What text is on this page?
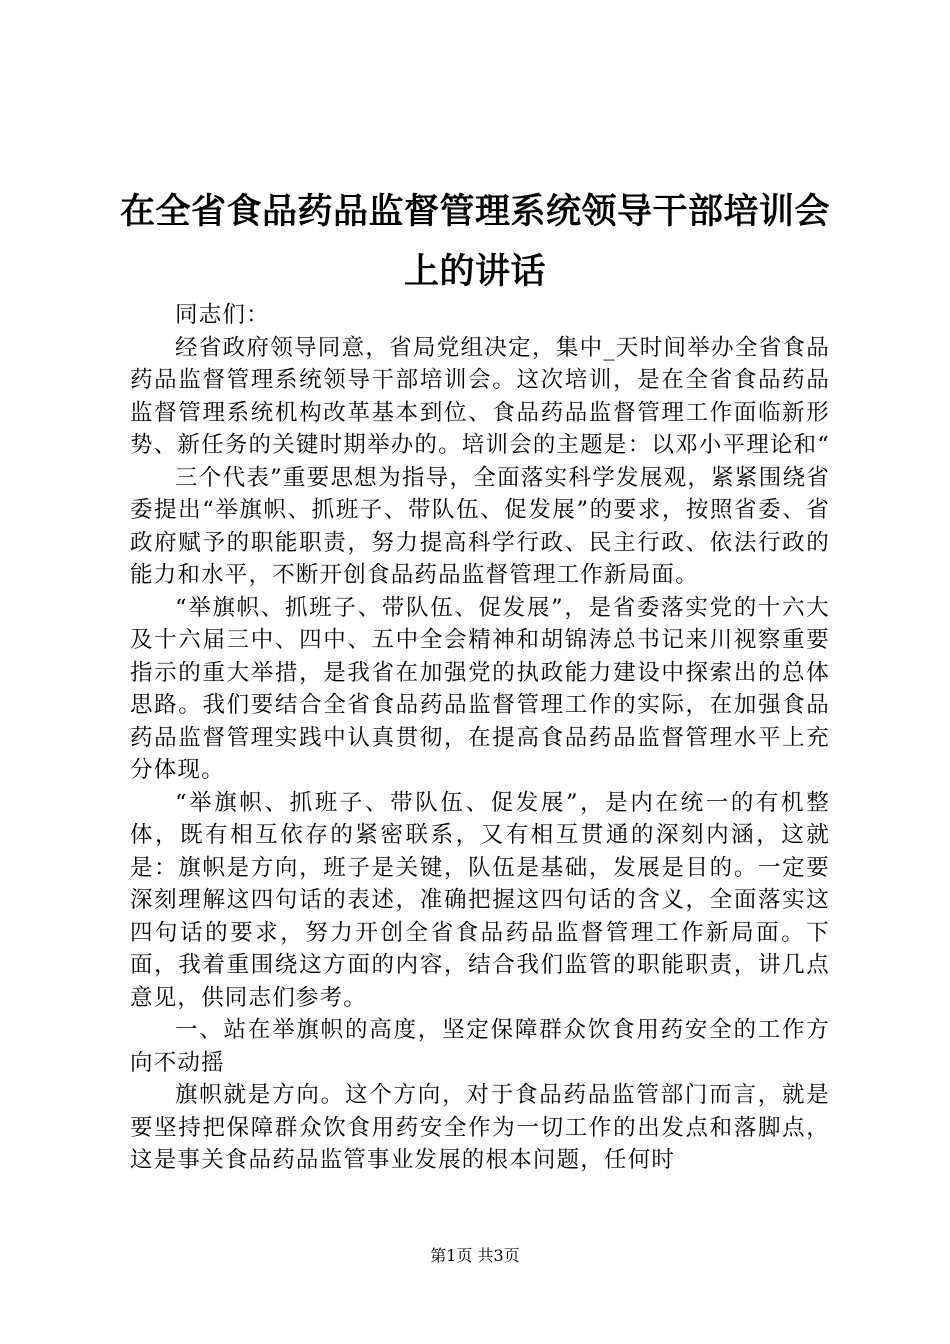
在全省食品药品监督管理系统领导干部培训会上的讲话

同志们：

经省政府领导同意，省局党组决定，集中_天时间举办全省食品药品监督管理系统领导干部培训会。这次培训，是在全省食品药品监督管理系统机构改革基本到位、食品药品监督管理工作面临新形势、新任务的关键时期举办的。培训会的主题是：以邓小平理论和“

三个代表”重要思想为指导，全面落实科学发展观，紧紧围绕省委提出“举旗帜、抓班子、带队伍、促发展”的要求，按照省委、省政府赋予的职能职责，努力提高科学行政、民主行政、依法行政的能力和水平，不断开创食品药品监督管理工作新局面。

“举旗帜、抓班子、带队伍、促发展”，是省委落实党的十六大及十六届三中、四中、五中全会精神和胡锦涛总书记来川视察重要指示的重大举措，是我省在加强党的执政能力建设中探索出的总体思路。我们要结合全省食品药品监督管理工作的实际，在加强食品药品监督管理实践中认真贯彻，在提高食品药品监督管理水平上充分体现。

“举旗帜、抓班子、带队伍、促发展”，是内在统一的有机整体，既有相互依存的紧密联系，又有相互贯通的深刻内涵，这就是：旗帜是方向，班子是关键，队伍是基础，发展是目的。一定要深刻理解这四句话的表述，准确把握这四句话的含义，全面落实这四句话的要求，努力开创全省食品药品监督管理工作新局面。下面，我着重围绕这方面的内容，结合我们监管的职能职责，讲几点意见，供同志们参考。

一、站在举旗帜的高度，坚定保障群众饮食用药安全的工作方向不动摇

旗帜就是方向。这个方向，对于食品药品监管部门而言，就是要坚持把保障群众饮食用药安全作为一切工作的出发点和落脚点，这是事关食品药品监管事业发展的根本问题，任何时

第1页 共3页
